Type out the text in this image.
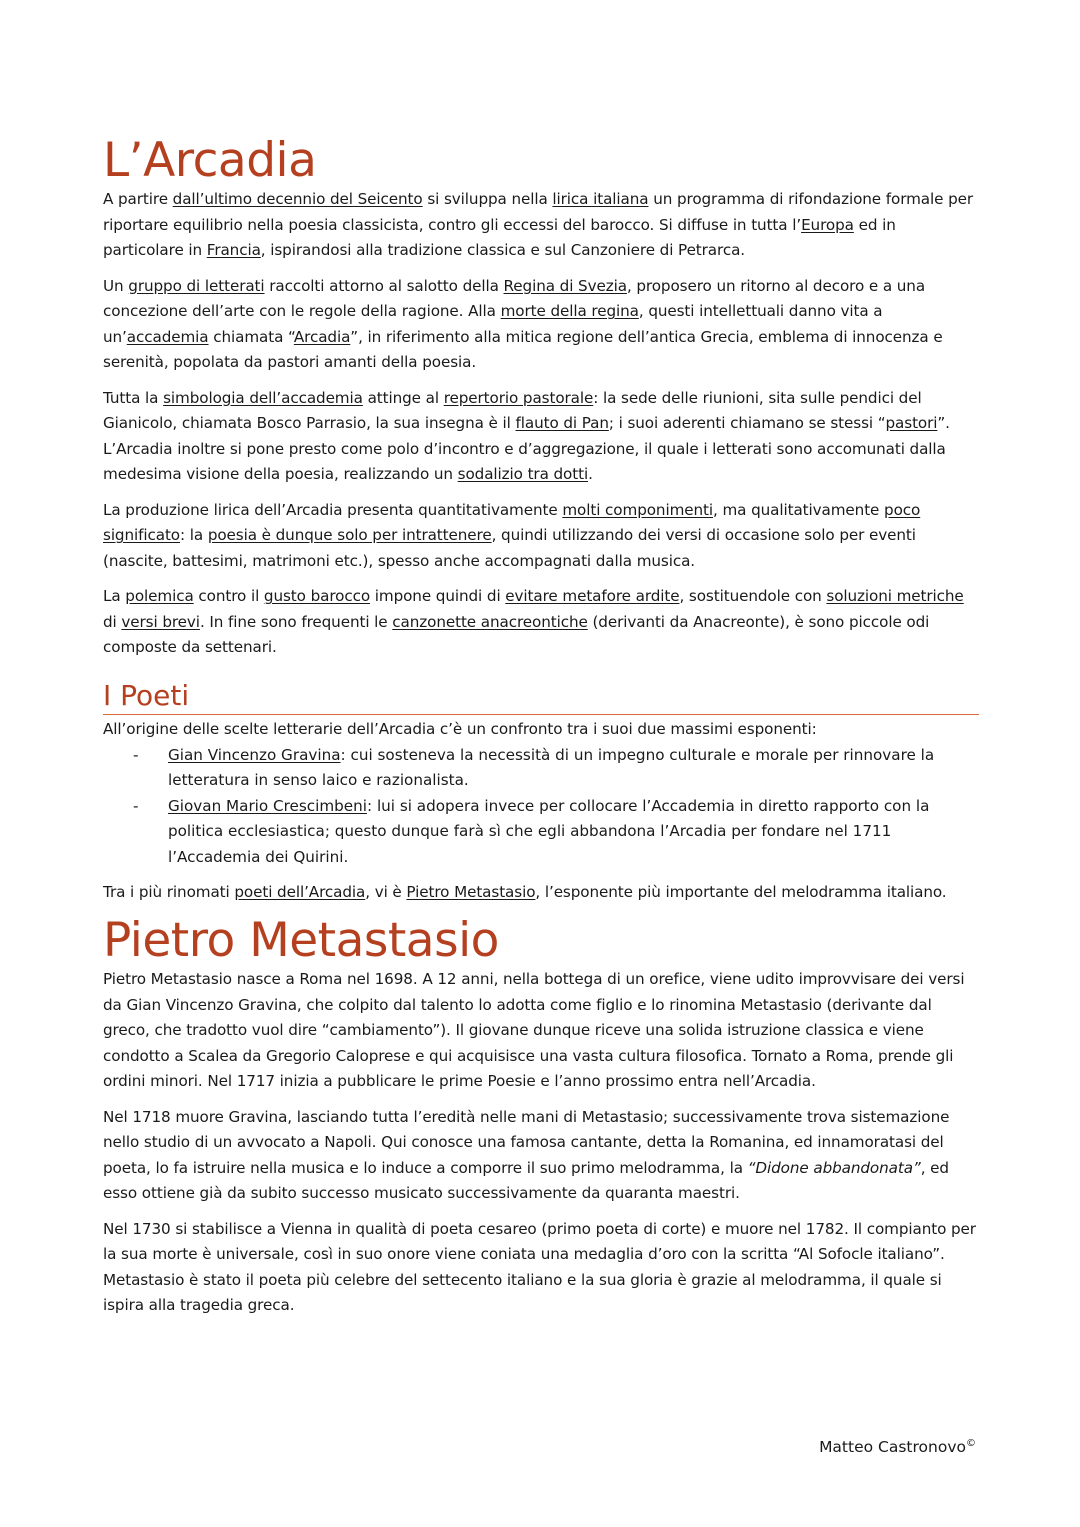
L’Arcadia

A partire dall’ultimo decennio del Seicento si sviluppa nella lirica italiana un programma di rifondazione formale per riportare equilibrio nella poesia classicista, contro gli eccessi del barocco. Si diffuse in tutta l’Europa ed in particolare in Francia, ispirandosi alla tradizione classica e sul Canzoniere di Petrarca.

Un gruppo di letterati raccolti attorno al salotto della Regina di Svezia, proposero un ritorno al decoro e a una concezione dell’arte con le regole della ragione. Alla morte della regina, questi intellettuali danno vita a un’accademia chiamata “Arcadia”, in riferimento alla mitica regione dell’antica Grecia, emblema di innocenza e serenità, popolata da pastori amanti della poesia.

Tutta la simbologia dell’accademia attinge al repertorio pastorale: la sede delle riunioni, sita sulle pendici del Gianicolo, chiamata Bosco Parrasio, la sua insegna è il flauto di Pan; i suoi aderenti chiamano se stessi “pastori”. L’Arcadia inoltre si pone presto come polo d’incontro e d’aggregazione, il quale i letterati sono accomunati dalla medesima visione della poesia, realizzando un sodalizio tra dotti.

La produzione lirica dell’Arcadia presenta quantitativamente molti componimenti, ma qualitativamente poco significato: la poesia è dunque solo per intrattenere, quindi utilizzando dei versi di occasione solo per eventi (nascite, battesimi, matrimoni etc.), spesso anche accompagnati dalla musica.

La polemica contro il gusto barocco impone quindi di evitare metafore ardite, sostituendole con soluzioni metriche di versi brevi. In fine sono frequenti le canzonette anacreontiche (derivanti da Anacreonte), è sono piccole odi composte da settenari.

I Poeti

All’origine delle scelte letterarie dell’Arcadia c’è un confronto tra i suoi due massimi esponenti:

- Gian Vincenzo Gravina: cui sosteneva la necessità di un impegno culturale e morale per rinnovare la letteratura in senso laico e razionalista.
- Giovan Mario Crescimbeni: lui si adopera invece per collocare l’Accademia in diretto rapporto con la politica ecclesiastica; questo dunque farà sì che egli abbandona l’Arcadia per fondare nel 1711 l’Accademia dei Quirini.

Tra i più rinomati poeti dell’Arcadia, vi è Pietro Metastasio, l’esponente più importante del melodramma italiano.

Pietro Metastasio

Pietro Metastasio nasce a Roma nel 1698. A 12 anni, nella bottega di un orefice, viene udito improvvisare dei versi da Gian Vincenzo Gravina, che colpito dal talento lo adotta come figlio e lo rinomina Metastasio (derivante dal greco, che tradotto vuol dire “cambiamento”). Il giovane dunque riceve una solida istruzione classica e viene condotto a Scalea da Gregorio Caloprese e qui acquisisce una vasta cultura filosofica. Tornato a Roma, prende gli ordini minori. Nel 1717 inizia a pubblicare le prime Poesie e l’anno prossimo entra nell’Arcadia.

Nel 1718 muore Gravina, lasciando tutta l’eredità nelle mani di Metastasio; successivamente trova sistemazione nello studio di un avvocato a Napoli. Qui conosce una famosa cantante, detta la Romanina, ed innamoratasi del poeta, lo fa istruire nella musica e lo induce a comporre il suo primo melodramma, la “Didone abbandonata”, ed esso ottiene già da subito successo musicato successivamente da quaranta maestri.

Nel 1730 si stabilisce a Vienna in qualità di poeta cesareo (primo poeta di corte) e muore nel 1782. Il compianto per la sua morte è universale, così in suo onore viene coniata una medaglia d’oro con la scritta “Al Sofocle italiano”. Metastasio è stato il poeta più celebre del settecento italiano e la sua gloria è grazie al melodramma, il quale si ispira alla tragedia greca.

Matteo Castronovo©
